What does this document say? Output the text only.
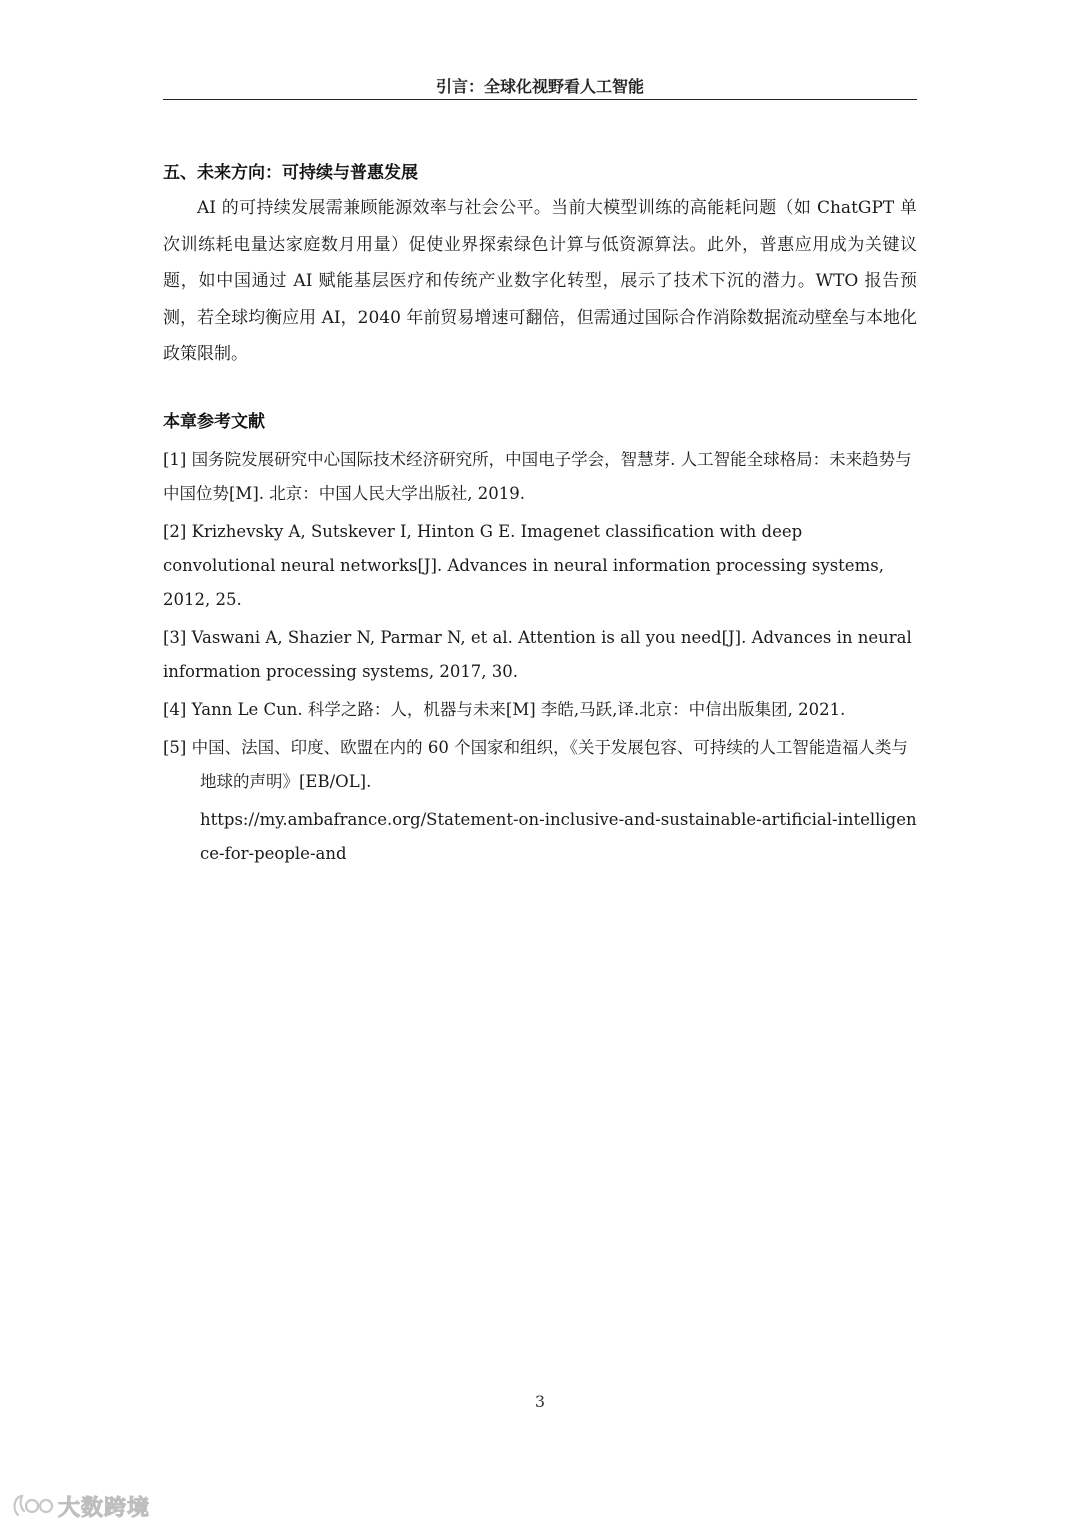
引言：全球化视野看人工智能
五、未来方向：可持续与普惠发展

AI 的可持续发展需兼顾能源效率与社会公平。当前大模型训练的高能耗问题（如 ChatGPT 单次训练耗电量达家庭数月用量）促使业界探索绿色计算与低资源算法。此外，普惠应用成为关键议题，如中国通过 AI 赋能基层医疗和传统产业数字化转型，展示了技术下沉的潜力。WTO 报告预测，若全球均衡应用 AI，2040 年前贸易增速可翻倍，但需通过国际合作消除数据流动壁垒与本地化政策限制。

本章参考文献
[1] 国务院发展研究中心国际技术经济研究所，中国电子学会，智慧芽. 人工智能全球格局：未来趋势与中国位势[M]. 北京：中国人民大学出版社, 2019.
[2] Krizhevsky A, Sutskever I, Hinton G E. Imagenet classification with deep convolutional neural networks[J]. Advances in neural information processing systems, 2012, 25.
[3] Vaswani A, Shazier N, Parmar N, et al. Attention is all you need[J]. Advances in neural information processing systems, 2017, 30.
[4] Yann Le Cun. 科学之路：人，机器与未来[M] 李皓,马跃,译.北京：中信出版集团, 2021.
[5] 中国、法国、印度、欧盟在内的 60 个国家和组织，《关于发展包容、可持续的人工智能造福人类与地球的声明》[EB/OL].
https://my.ambafrance.org/Statement-on-inclusive-and-sustainable-artificial-intelligence-for-people-and
3
大数跨境
